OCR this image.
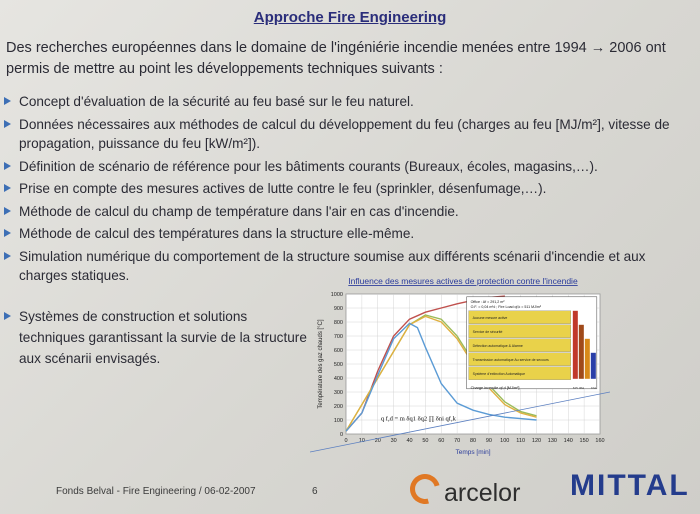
Approche Fire Engineering
Des recherches européennes dans le domaine de l'ingéniérie incendie menées entre 1994 → 2006 ont permis de mettre au point les développements techniques suivants :
Concept d'évaluation de la sécurité au feu basé sur le feu naturel.
Données nécessaires aux méthodes de calcul du développement du feu (charges au feu [MJ/m²], vitesse de propagation, puissance du feu [kW/m²]).
Définition de scénario de référence pour les bâtiments courants (Bureaux, écoles, magasins,…).
Prise en compte des mesures actives de lutte contre le feu (sprinkler, désenfumage,…).
Méthode de calcul du champ de température dans l'air en cas d'incendie.
Méthode de calcul des températures dans la structure elle-même.
Simulation numérique du comportement de la structure soumise aux différents scénarii d'incendie et aux charges statiques.
Systèmes de construction et solutions techniques garantissant la survie de la structure aux scénarii envisagés.
Influence des mesures actives de protection contre l'incendie
0
100
200
300
400
500
600
700
800
900
1000
0 10 20 30 40 50 60 70 80 90 100 110 120 130 140 150 160
Temps [min]
Température des gaz chauds [°C]
q f,d = m δq1 δq2 ∏ δni qf,k
Office : Af = 291,2 m²
O.F. = 0,04 m½ ; Fire Load qf,k = 511 MJ/m²
Aucune mesure active
Service de sécurité
Détection automatique & Alarme
Transmission automatique Au service de secours
Système d'extinction Automatique
Charge incendie qf,d [MJ/m²]	615 364 104
Fonds Belval - Fire Engineering / 06-02-2007	6	arcelor MITTAL
